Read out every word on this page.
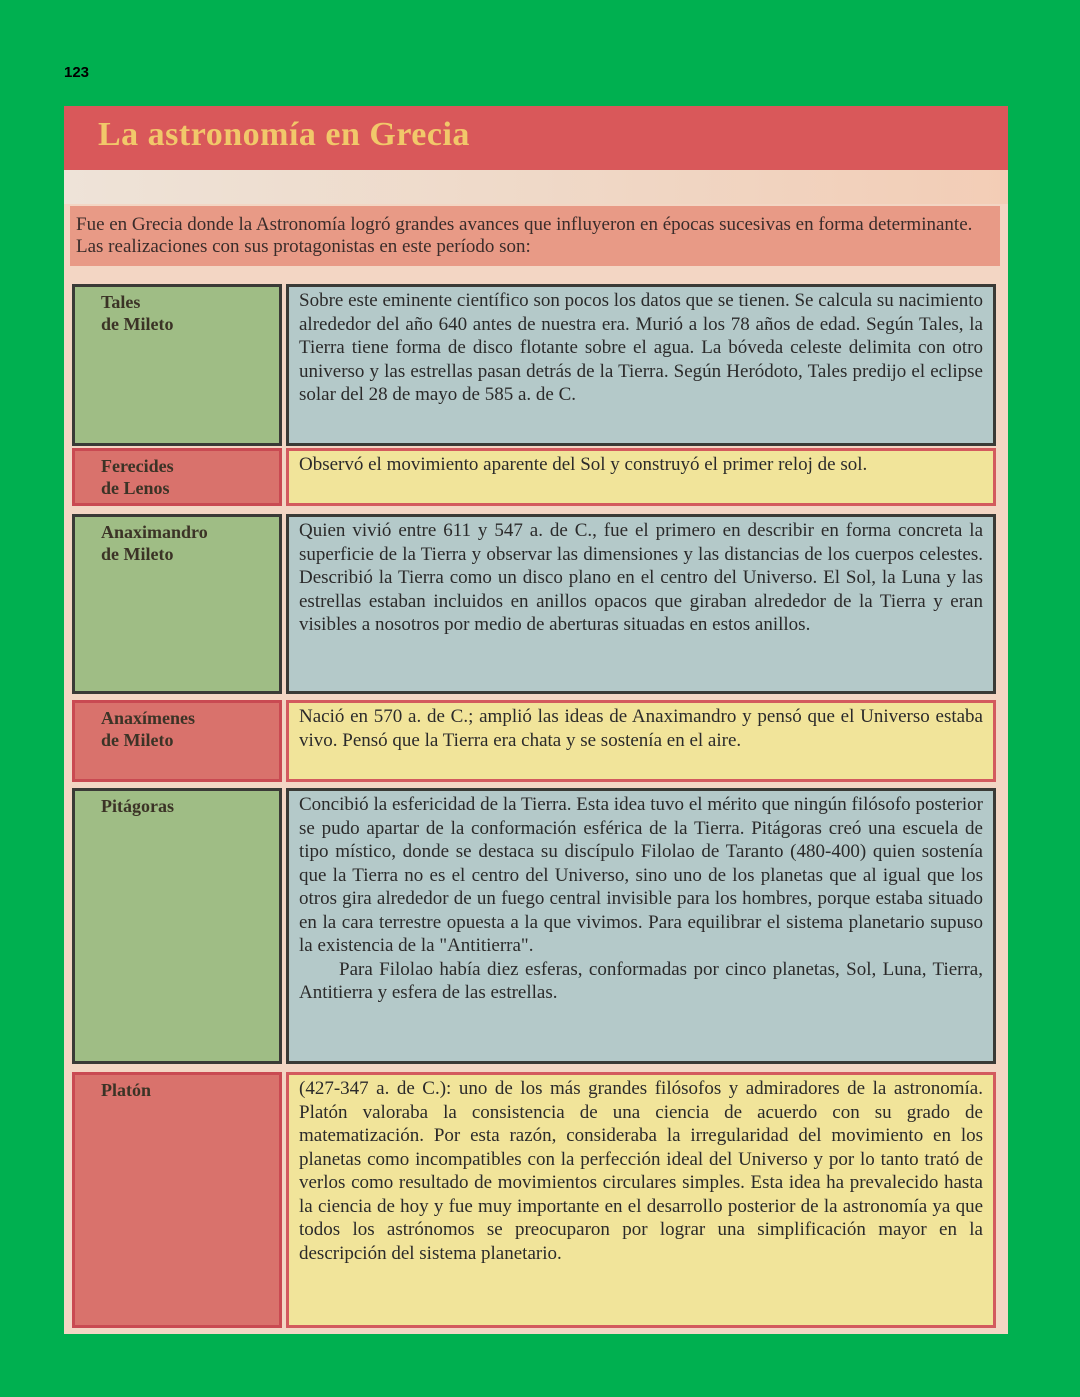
123
La astronomía en Grecia
Fue en Grecia donde la Astronomía logró grandes avances que influyeron en épocas sucesivas en forma determinante. Las realizaciones con sus protagonistas en este período son:
Tales
de Mileto
Sobre este eminente científico son pocos los datos que se tienen. Se calcula su nacimiento alrededor del año 640 antes de nuestra era. Murió a los 78 años de edad. Según Tales, la Tierra tiene forma de disco flotante sobre el agua. La bóveda celeste delimita con otro universo y las estrellas pasan detrás de la Tierra. Según Heródoto, Tales predijo el eclipse solar del 28 de mayo de 585 a. de C.
Ferecides
de Lenos
Observó el movimiento aparente del Sol y construyó el primer reloj de sol.
Anaximandro
de Mileto
Quien vivió entre 611 y 547 a. de C., fue el primero en describir en forma concreta la superficie de la Tierra y observar las dimensiones y las distancias de los cuerpos celestes. Describió la Tierra como un disco plano en el centro del Universo. El Sol, la Luna y las estrellas estaban incluidos en anillos opacos que giraban alrededor de la Tierra y eran visibles a nosotros por medio de aberturas situadas en estos anillos.
Anaxímenes
de Mileto
Nació en 570 a. de C.; amplió las ideas de Anaximandro y pensó que el Universo estaba vivo. Pensó que la Tierra era chata y se sostenía en el aire.
Pitágoras	Concibió la esfericidad de la Tierra. Esta idea tuvo el mérito que ningún filósofo posterior se pudo apartar de la conformación esférica de la Tierra. Pitágoras creó una escuela de tipo místico, donde se destaca su discípulo Filolao de Taranto (480-400) quien sostenía que la Tierra no es el centro del Universo, sino uno de los planetas que al igual que los otros gira alrededor de un fuego central invisible para los hombres, porque estaba situado en la cara terrestre opuesta a la que vivimos. Para equilibrar el sistema planetario supuso la existencia de la "Antitierra".
Para Filolao había diez esferas, conformadas por cinco planetas, Sol, Luna, Tierra, Antitierra y esfera de las estrellas.
Platón	(427-347 a. de C.): uno de los más grandes filósofos y admiradores de la astronomía. Platón valoraba la consistencia de una ciencia de acuerdo con su grado de matematización. Por esta razón, consideraba la irregularidad del movimiento en los planetas como incompatibles con la perfección ideal del Universo y por lo tanto trató de verlos como resultado de movimientos circulares simples. Esta idea ha prevalecido hasta la ciencia de hoy y fue muy importante en el desarrollo posterior de la astronomía ya que todos los astrónomos se preocuparon por lograr una simplificación mayor en la descripción del sistema planetario.
